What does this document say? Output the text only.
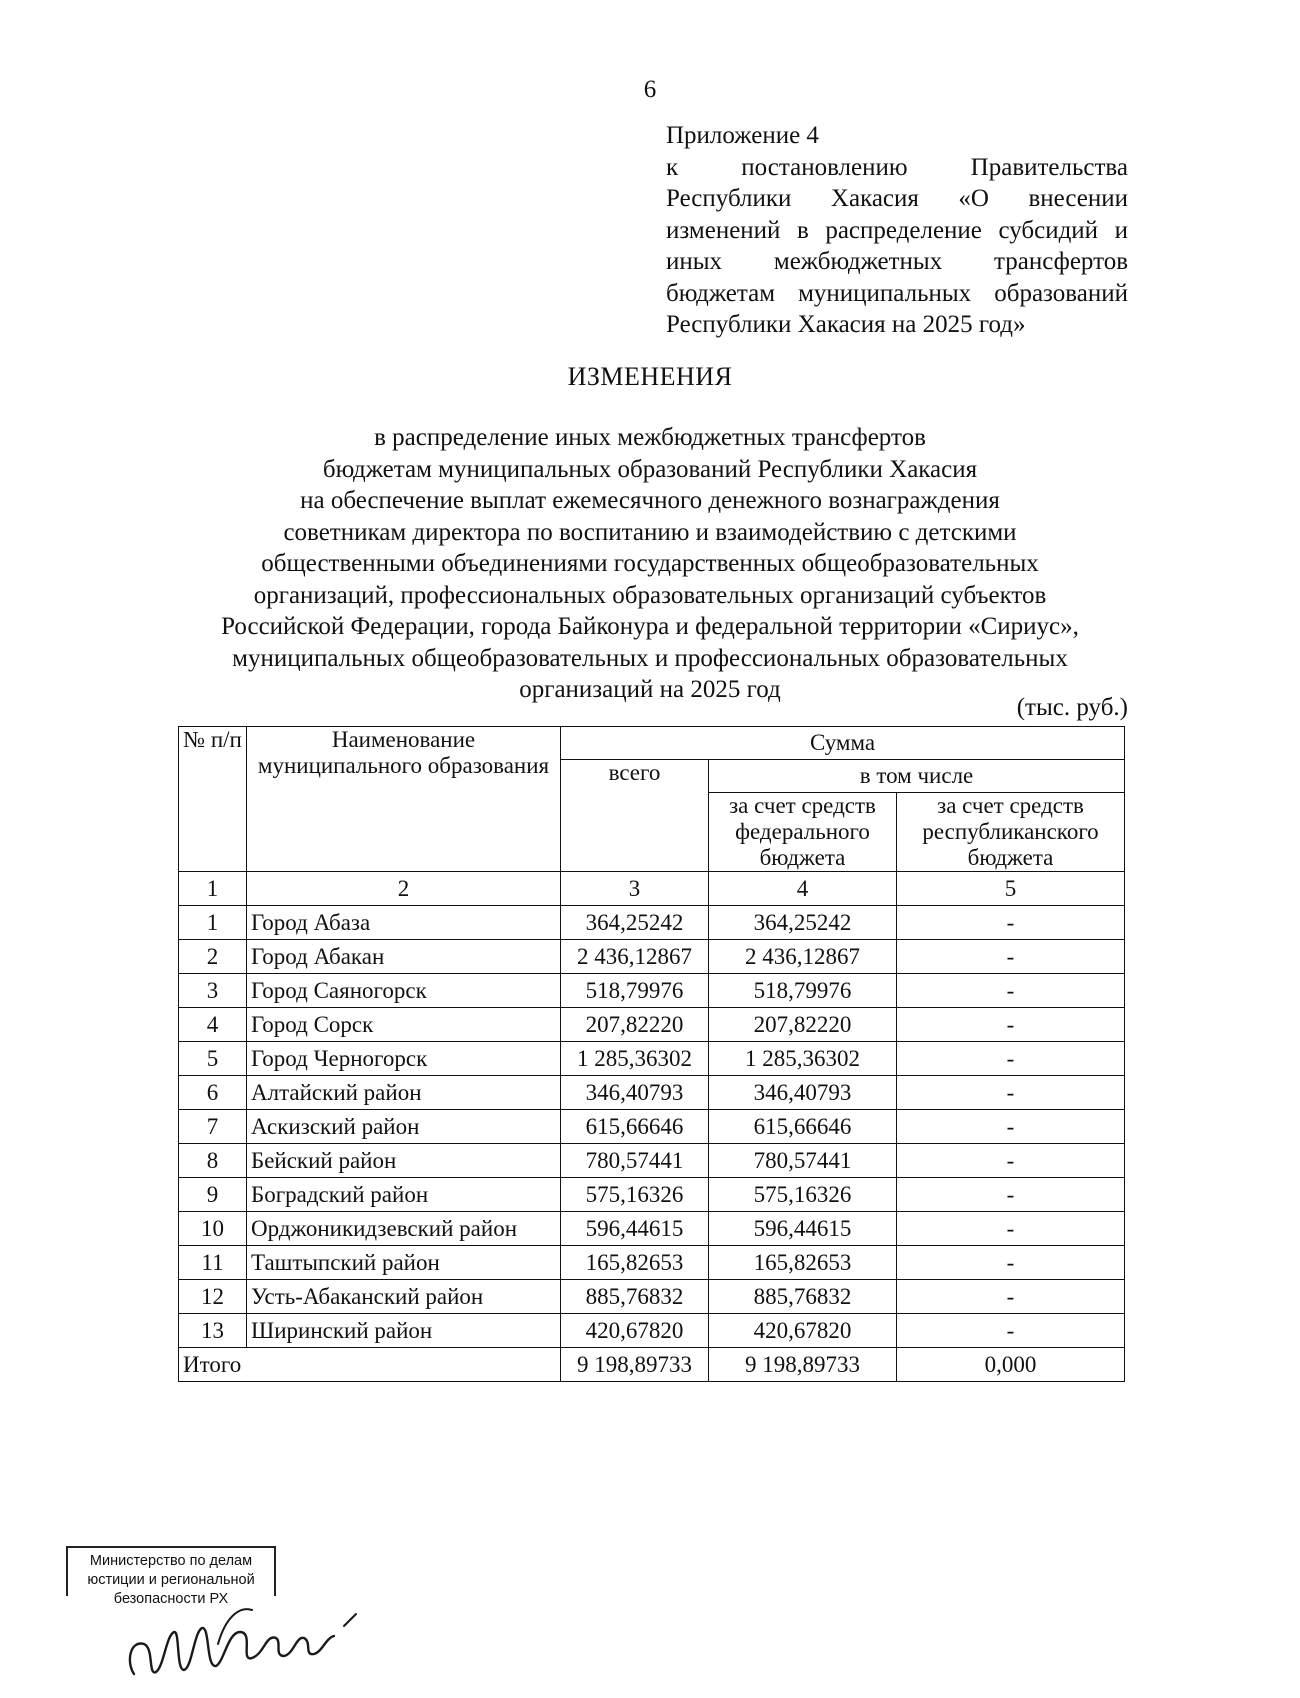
6
Приложение 4
к постановлению Правительства Республики Хакасия «О внесении изменений в распределение субсидий и иных межбюджетных трансфертов бюджетам муниципальных образований Республики Хакасия на 2025 год»
ИЗМЕНЕНИЯ
в распределение иных межбюджетных трансфертов
бюджетам муниципальных образований Республики Хакасия
на обеспечение выплат ежемесячного денежного вознаграждения
советникам директора по воспитанию и взаимодействию с детскими
общественными объединениями государственных общеобразовательных
организаций, профессиональных образовательных организаций субъектов
Российской Федерации, города Байконура и федеральной территории «Сириус»,
муниципальных общеобразовательных и профессиональных образовательных
организаций на 2025 год
(тыс. руб.)
№ п/п	Наименование муниципального образования	Сумма		
		всего	в том числе	
			за счет средств федерального бюджета	за счет средств республиканского бюджета
1	2	3	4	5
1	Город Абаза	364,25242	364,25242	-
2	Город Абакан	2 436,12867	2 436,12867	-
3	Город Саяногорск	518,79976	518,79976	-
4	Город Сорск	207,82220	207,82220	-
5	Город Черногорск	1 285,36302	1 285,36302	-
6	Алтайский район	346,40793	346,40793	-
7	Аскизский район	615,66646	615,66646	-
8	Бейский район	780,57441	780,57441	-
9	Боградский район	575,16326	575,16326	-
10	Орджоникидзевский район	596,44615	596,44615	-
11	Таштыпский район	165,82653	165,82653	-
12	Усть-Абаканский район	885,76832	885,76832	-
13	Ширинский район	420,67820	420,67820	-
Итого		9 198,89733	9 198,89733	0,000
Министерство по делам
юстиции и региональной
безопасности РХ
